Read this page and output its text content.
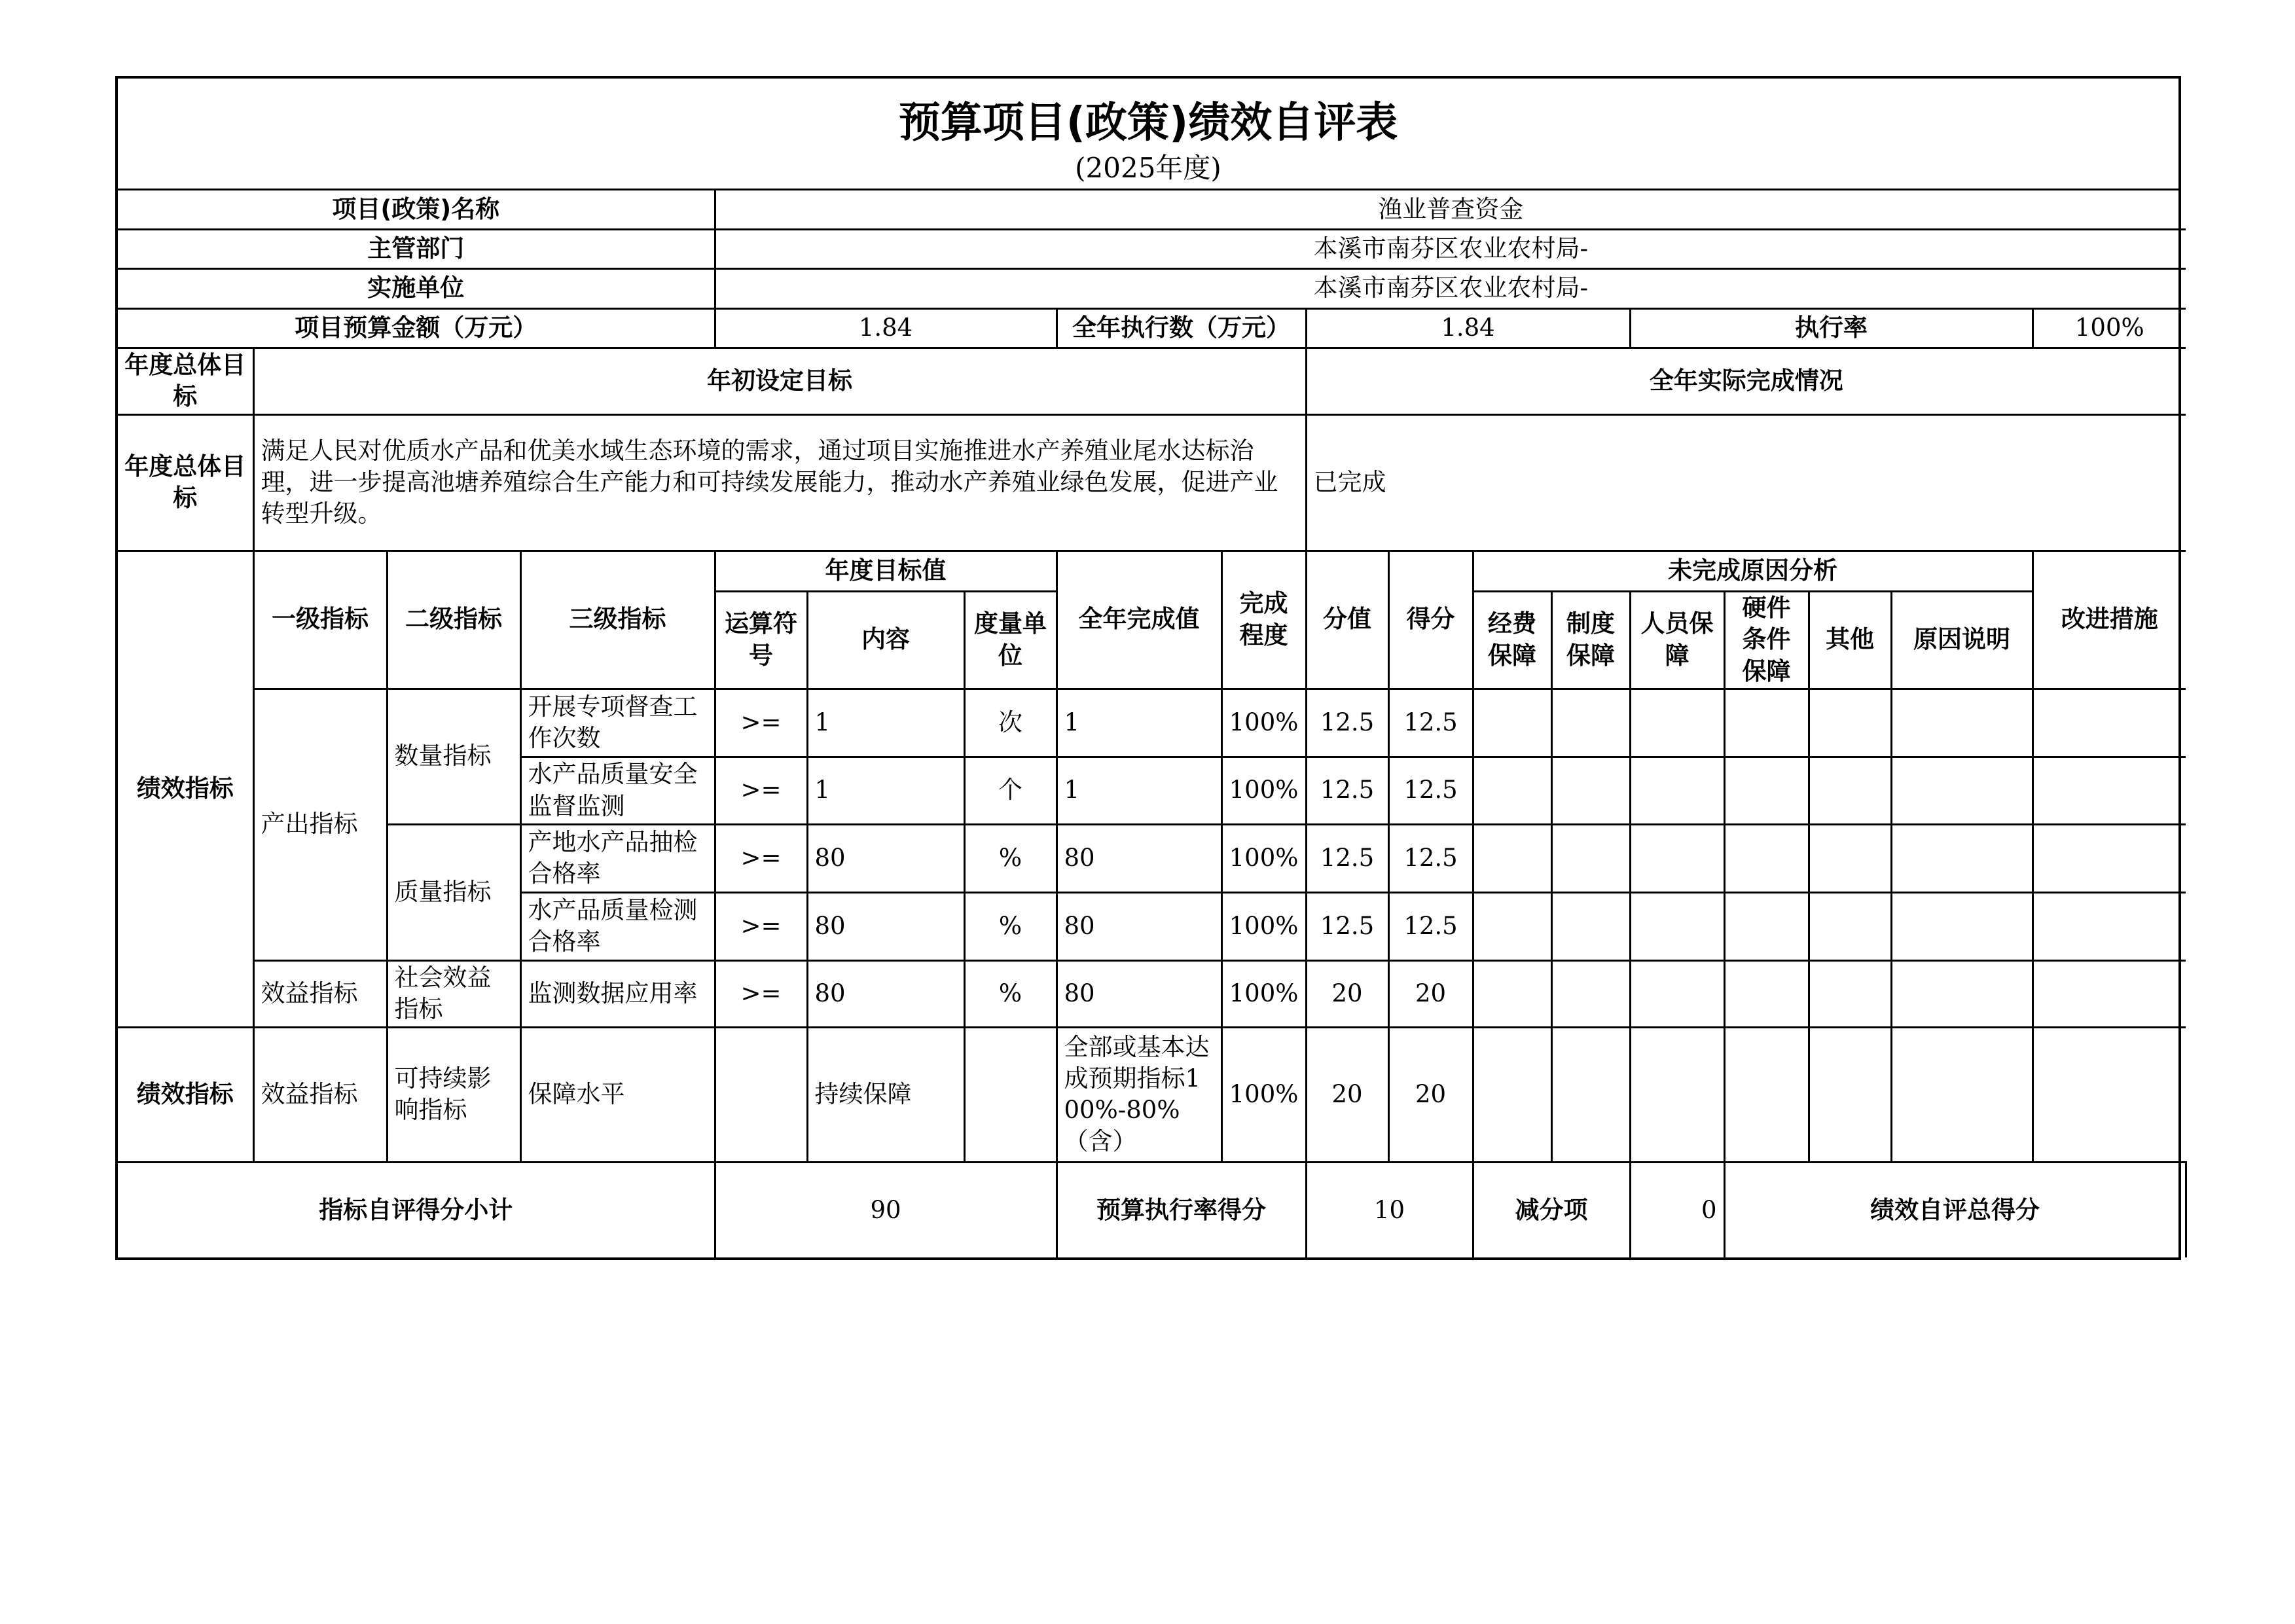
预算项目(政策)绩效自评表
(2025年度)
项目(政策)名称				渔业普查资金														
主管部门				本溪市南芬区农业农村局-														
实施单位				本溪市南芬区农业农村局-														
项目预算金额（万元）				1.84			全年执行数（万元）		1.84				执行率				100%	
年度总体目标	年初设定目标								全年实际完成情况									
年度总体目标	满足人民对优质水产品和优美水域生态环境的需求，通过项目实施推进水产养殖业尾水达标治理，进一步提高池塘养殖综合生产能力和可持续发展能力，推动水产养殖业绿色发展，促进产业转型升级。								已完成									
绩效指标	一级指标	二级指标	三级指标	年度目标值			全年完成值	完成程度	分值	得分	未完成原因分析						改进措施	
				运算符号	内容	度量单位					经费保障	制度保障	人员保障	硬件条件保障	其他	原因说明		
	产出指标	数量指标	开展专项督查工作次数	>=	1	次	1	100%	12.5	12.5								
			水产品质量安全监督监测	>=	1	个	1	100%	12.5	12.5								
		质量指标	产地水产品抽检合格率	>=	80	%	80	100%	12.5	12.5								
			水产品质量检测合格率	>=	80	%	80	100%	12.5	12.5								
	效益指标	社会效益指标	监测数据应用率	>=	80	%	80	100%	20	20								
绩效指标	效益指标	可持续影响指标	保障水平		持续保障		全部或基本达成预期指标100%-80%（含）	100%	20	20								
指标自评得分小计				90			预算执行率得分		10		减分项		0	绩效自评总得分	
